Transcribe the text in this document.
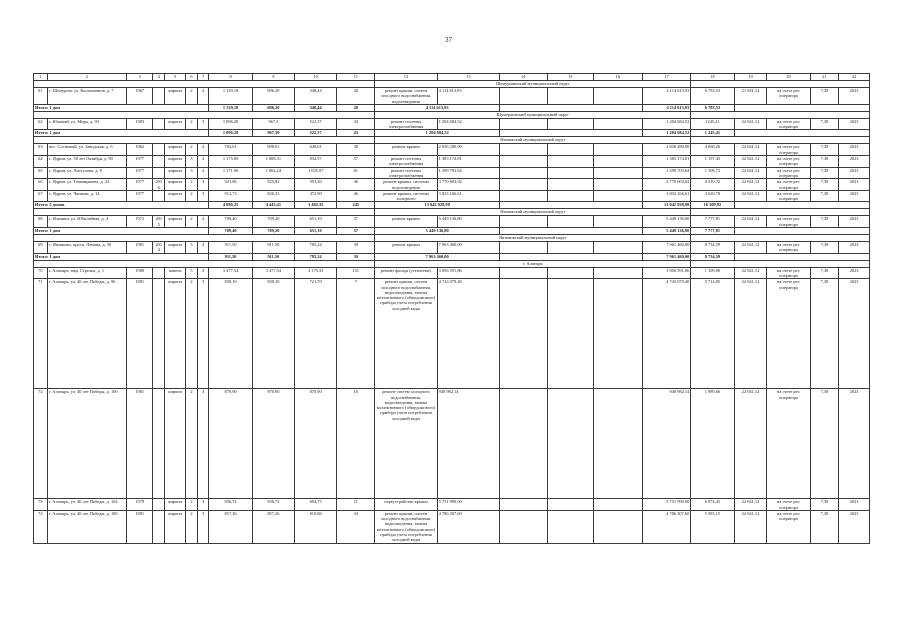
37
1	2	3	4	5	6	7	8	9	10	11	12	13	14	15	16	17	18	19	20	21	22
											Шемуршинский муниципальный округ										
61	с. Шемурша, ул. Космонавтов, д. 7	1967		кирпич	2	2	1 129,18	696,20	348,44	20	ремонт крыши, систем холодного водоснабжения, водоотведения	4 114 613,93				4 114 613,93	6 783,53	21 041,12	на счете рег. оператора	7,38	2023
Итого: 1 дом							1 129,18	696,20	348,44	20	4 114 613,93					4 114 613,93	6 783,53				
											Шумерлинский муниципальный округ										
62	с. Юманай, ул. Мира, д. 39	1983		кирпич	2	3	1 096,28	967,3	522,37	43	ремонт системы электроснабжения	1 204 684,52				1 204 684,52	1245,41	22 041,12	на счете рег. оператора	7,38	2023
Итого: 1 дом							1 096,28	967,30	522,37	43	1 204 684,52					1 204 684,52	1 245,41				
											Яльчикский муниципальный округ										
63	пос. Сосновый, ул. Заводская, д. 6	1962		кирпич	2	2	704,61	698,61	649,61	38	ремонт крыши	2 836 280,90				2 836 280,90	4 060,26	22 041,12	на счете рег. оператора	7,38	2023
64	с. Ядрин, ул. 50 лет Октября, д. 90	1977		кирпич	3	2	1 175,09	1 008,31	832,57	57	ремонт системы электроснабжения	1 383 174,81				1 383 174,81	1 197,45	22 041,12	на счете рег. оператора	7,38	2023
65	с. Ядрин, ул. Листулова, д. 8	1977		кирпич	3	2	1 171,96	1 064,24	1 035,97	61	ремонт системы электроснабжения	1 299 703,64				1 299 703,64	1 108,72	22 041,12	на счете рег. оператора	7,38	2023
66	с. Ядрин, ул. Тиммирязева, д. 22	1977	2016	кирпич	2	3	921,86	825,92	591,30	46	ремонт крыши, системы водоотведения	3 770 603,02				3 770 603,02	4 510,72	22 041,12	на счете рег. оператора	7,38	2023
67	с. Ядрин, ул. Чапаева, д. 14	1977		кирпич	2	3	912,73	826,33	472,90	46	ремонт крыши, системы холодного	3 833 166,61				3 833 166,61	4 620,78	22 041,12	на счете рег. оператора	7,38	2023
Итого: 5 домов							4 886,25	4 443,41	3 492,35	245	13 042 928,98					13 042 928,98	16 309,92				
											Яльчикский муниципальный округ										
68	с. Яльчики, ул. Юбилейная, д. 4	1972	2015	кирпич	2	2	709,40	709,20	651,10	37	ремонт крыши	5 449 136,80				5 449 136,80	7 777,81	22 041,12	на счете рег. оператора	7,38	2023
Итого: 1 дом							709,40	709,20	651,10	37	5 449 136,80					5 449 136,80	7 777,81				
											Янтиковский муниципальный округ										
69	с. Янтиково, просп. Ленина, д. 30	1981	2014	кирпич	3	3	911,50	911,50	785,24	39	ремонт крыши	7 963 460,00				7 961 460,00	8 734,59	22 041,12	на счете рег. оператора	7,38	2023
Итого: 1 дом							911,50	911,50	785,24	39	7 963 460,00					7 961 460,00	8 734,59				
											г. Алатырь										
70	г. Алатырь, мкр. Стрелка, д. 1	1980		панель	5	5	3 477,54	3 477,54	3 179,33	151	ремонт фасада (утепление)	3 856 591,86				3 856 591,86	1 109,00	22 041,12	на счете рег. оператора	7,38	2023
71	г. Алатырь, ул. 40 лет Победы, д. 96	1981		кирпич	2	3	830,10	830,10	721,70	7	ремонт крыши, систем холодного водоснабжения, водоотведения, замена коллективного (общедомового) прибора учета потребления холодной воды	4 743 079,40				4 743 079,40	5 714,85	22 041,12	на счете рег. оператора	7,38	2023
72	г. Алатырь, ул. 40 лет Победы, д. 100	1981		кирпич	2	3	870,90	870,90	870,90	10	ремонт систем холодного водоснабжения, водоотведения, замена коллективного (общедомового) прибора учета потребления холодной воды	948 982,14				948 982,14	1 089,66	22 041,12	на счете рег. оператора	7,38	2023
73	г. Алатырь, ул. 40 лет Победы, д. 104	1979		кирпич	2	3	836,72	836,72	694,75	11	переустройство крыши	5 751 990,00				5 751 990,00	6 874,45	22 041,12	на счете рег. оператора	7,38	2023
74	г. Алатырь, ул. 40 лет Победы, д. 106	1981		кирпич	2	3	857,26	857,26	810,86	34	ремонт крыши, систем холодного водоснабжения, водоотведения, замена коллективного (общедомового) прибора учета потребления холодной воды	4 786 307,60				4 786 307,60	5 583,15	22 041,12	на счете рег. оператора	7,38	2023
